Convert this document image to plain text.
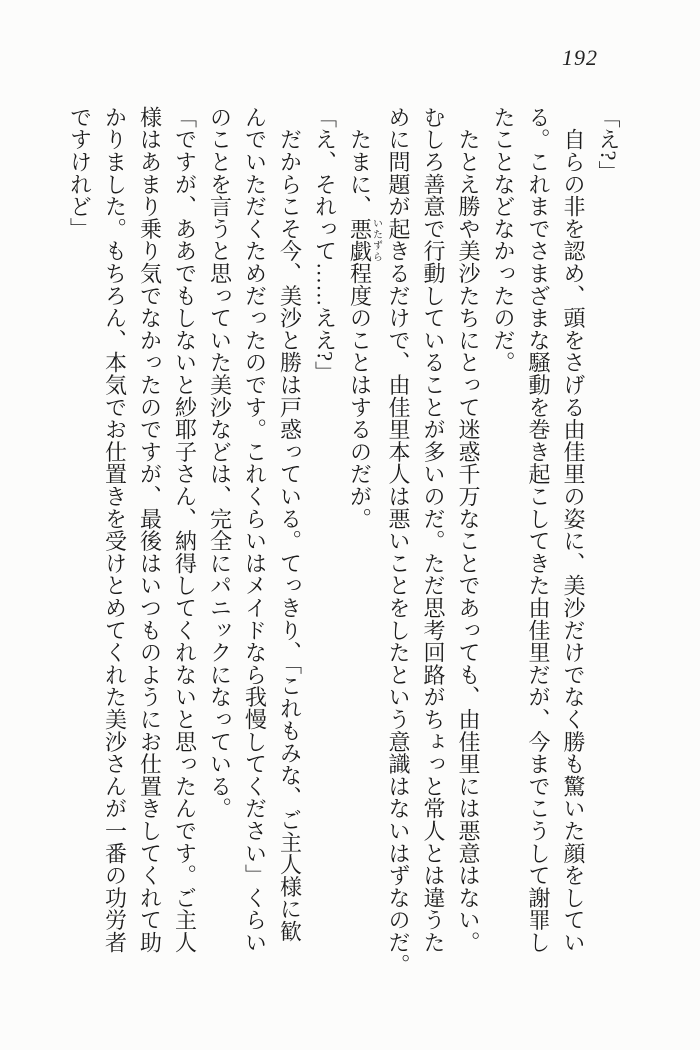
192
「え?」
　自らの非を認め、頭をさげる由佳里の姿に、美沙だけでなく勝も驚いた顔をしてい
る。これまでさまざまな騒動を巻き起こしてきた由佳里だが、今までこうして謝罪し
たことなどなかったのだ。
　たとえ勝や美沙たちにとって迷惑千万なことであっても、由佳里には悪意はない。
むしろ善意で行動していることが多いのだ。ただ思考回路がちょっと常人とは違うた
めに問題が起きるだけで、由佳里本人は悪いことをしたという意識はないはずなのだ。
　たまに、悪戯いたずら程度のことはするのだが。
「え、それって……ええ?」
　だからこそ今、美沙と勝は戸惑っている。てっきり、「これもみな、ご主人様に歓
んでいただくためだったのです。これくらいはメイドなら我慢してください」くらい
のことを言うと思っていた美沙などは、完全にパニックになっている。
「ですが、ああでもしないと紗耶子さん、納得してくれないと思ったんです。ご主人
様はあまり乗り気でなかったのですが、最後はいつものようにお仕置きしてくれて助
かりました。もちろん、本気でお仕置きを受けとめてくれた美沙さんが一番の功労者
ですけれど」
